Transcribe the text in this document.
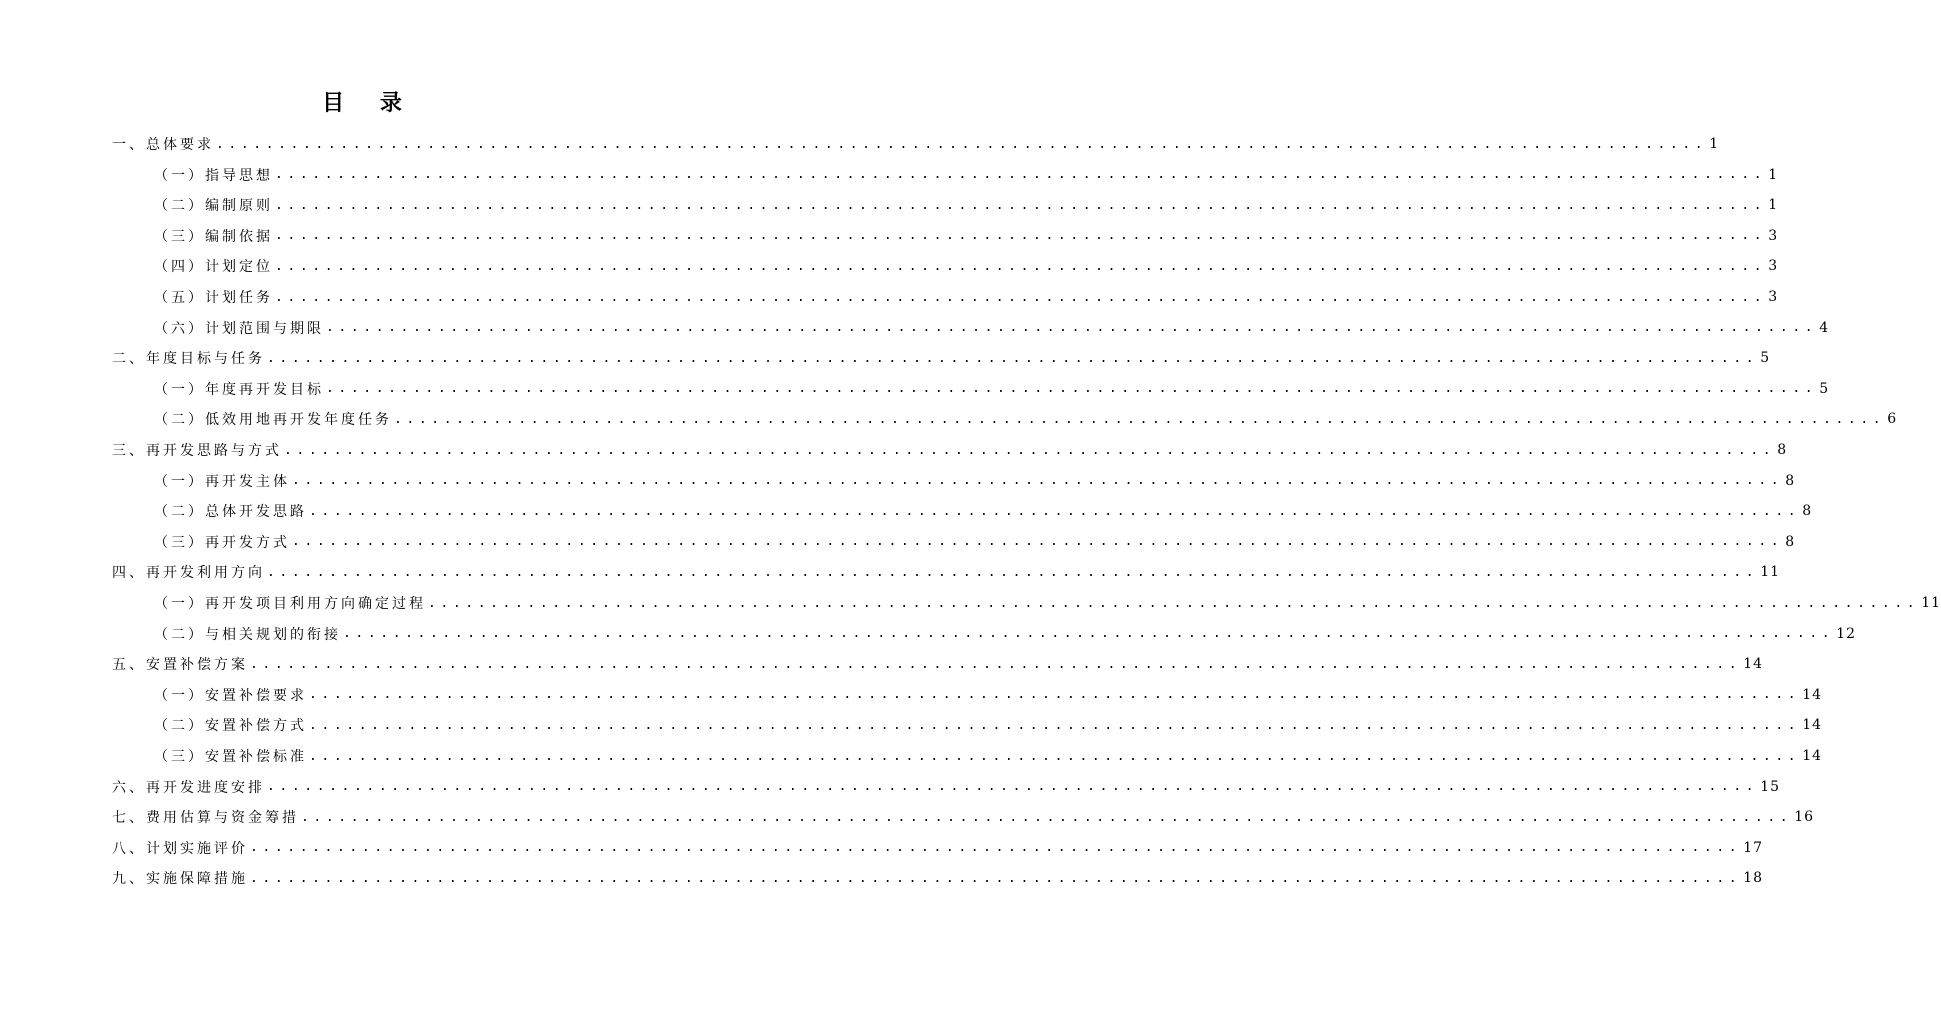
目 录
一、总体要求 ........................................................................................................................ 1
（一）指导思想 ........................................................................................................................ 1
（二）编制原则 ........................................................................................................................ 1
（三）编制依据 ........................................................................................................................ 3
（四）计划定位 ........................................................................................................................ 3
（五）计划任务 ........................................................................................................................ 3
（六）计划范围与期限 ........................................................................................................................ 4
二、年度目标与任务 ........................................................................................................................ 5
（一）年度再开发目标 ........................................................................................................................ 5
（二）低效用地再开发年度任务 ........................................................................................................................ 6
三、再开发思路与方式 ........................................................................................................................ 8
（一）再开发主体 ........................................................................................................................ 8
（二）总体开发思路 ........................................................................................................................ 8
（三）再开发方式 ........................................................................................................................ 8
四、再开发利用方向 ........................................................................................................................ 11
（一）再开发项目利用方向确定过程 ........................................................................................................................ 11
（二）与相关规划的衔接 ........................................................................................................................ 12
五、安置补偿方案 ........................................................................................................................ 14
（一）安置补偿要求 ........................................................................................................................ 14
（二）安置补偿方式 ........................................................................................................................ 14
（三）安置补偿标准 ........................................................................................................................ 14
六、再开发进度安排 ........................................................................................................................ 15
七、费用估算与资金筹措 ........................................................................................................................ 16
八、计划实施评价 ........................................................................................................................ 17
九、实施保障措施 ........................................................................................................................ 18
